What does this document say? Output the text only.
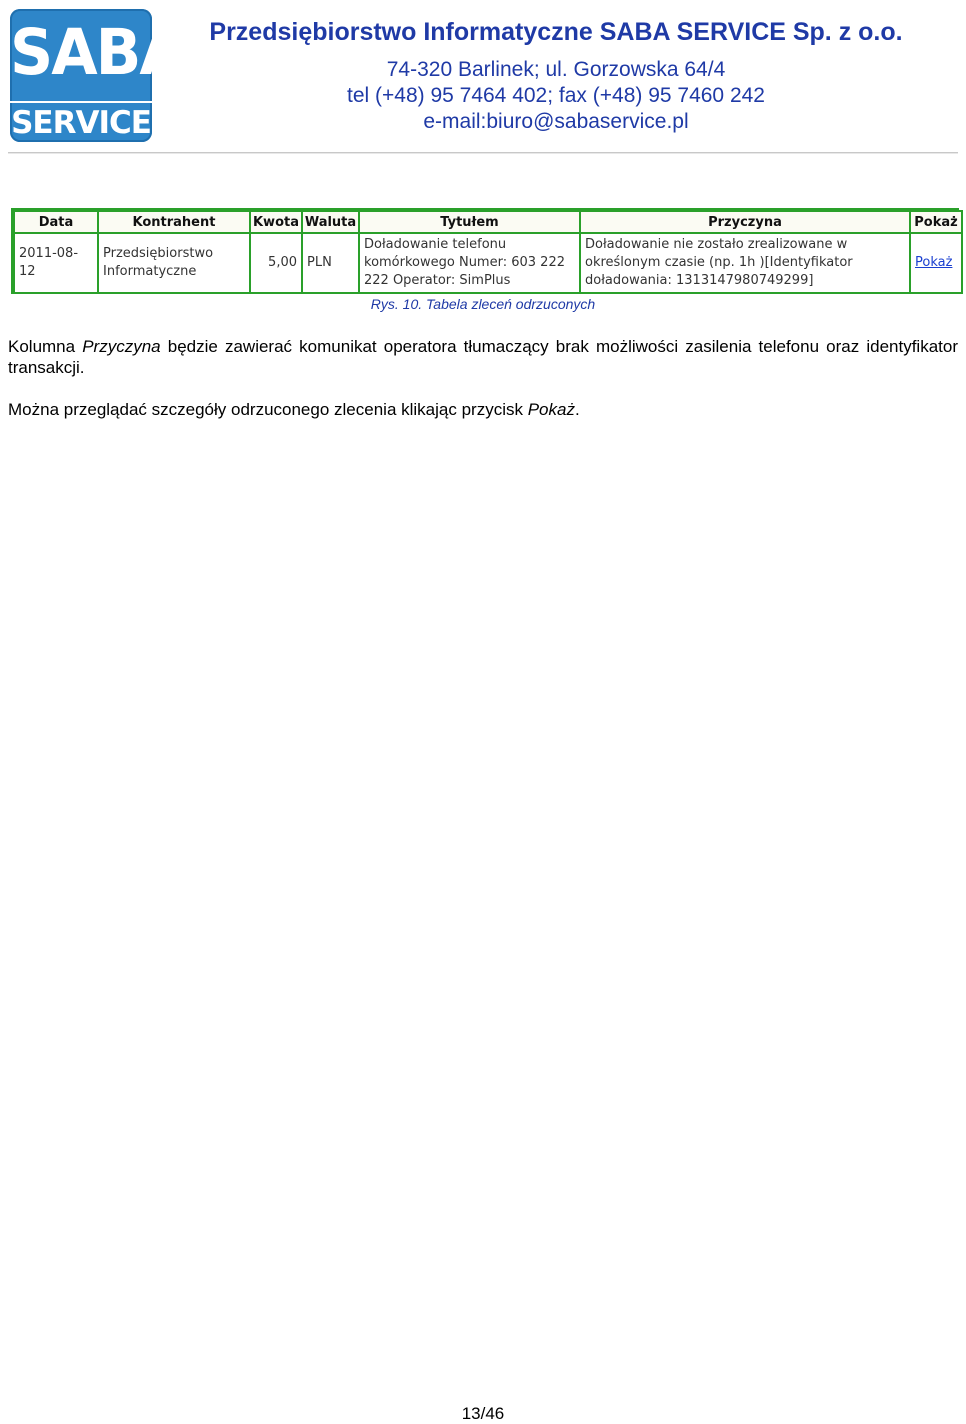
SABA
SERVICE
Przedsiębiorstwo Informatyczne SABA SERVICE Sp. z o.o.
74-320 Barlinek; ul. Gorzowska 64/4
tel (+48) 95 7464 402; fax (+48) 95 7460 242
e-mail:biuro@sabaservice.pl
Data	Kontrahent	Kwota	Waluta	Tytułem	Przyczyna	Pokaż
2011-08-12	Przedsiębiorstwo Informatyczne	5,00	PLN	Doładowanie telefonu komórkowego Numer: 603 222 222 Operator: SimPlus	Doładowanie nie zostało zrealizowane w określonym czasie (np. 1h )[Identyfikator doładowania: 1313147980749299]	Pokaż
Rys. 10. Tabela zleceń odrzuconych

Kolumna Przyczyna będzie zawierać komunikat operatora tłumaczący brak możliwości zasilenia telefonu oraz identyfikator transakcji.

Można przeglądać szczegóły odrzuconego zlecenia klikając przycisk Pokaż.

13/46
